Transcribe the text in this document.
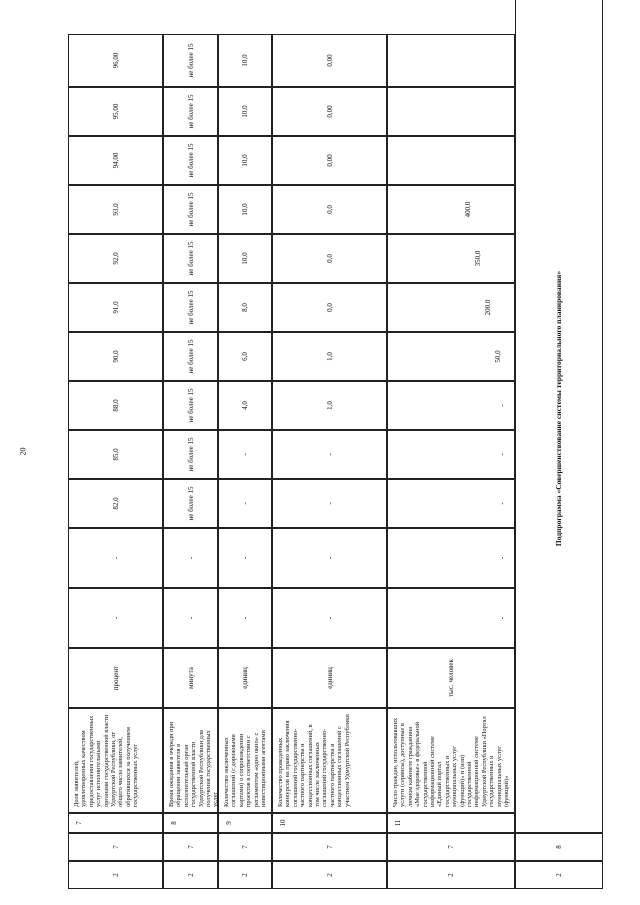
20
2
7
7
Доля заявителей, удовлетворенных качеством предоставления государственных услуг исполнительными органами государственной власти Удмуртской Республики, от общего числа заявителей, обратившихся за получением государственных услуг
процент
-
-
82,0
85,0
88,0
90,0
91,0
92,0
93,0
94,00
95,00
96,00
2
7
8
Время ожидания в очереди при обращении заявителя в исполнительный орган государственной власти Удмуртской Республики для получения государственных услуг
минута
-
-
не более 15
не более 15
не более 15
не более 15
не более 15
не более 15
не более 15
не более 15
не более 15
не более 15
2
7
9
Количество заключенных соглашений (с дорожными картами) о сопровождении проектов в соответствии с регламентом «одно окно» с инвестиционными агентами
единиц
-
-
-
-
4,0
6,0
8,0
10,0
10,0
10,0
10,0
10,0
2
7
10
Количество проведенных конкурсов на право заключения соглашений государственно-частного партнерства и концессионных соглашений, в том числе заключенных соглашений государственно-частного партнерства и концессионных соглашений с участием Удмуртской Республики
единиц
-
-
-
-
1,0
1,0
0,0
0,0
0,0
0,00
0,00
0,00
2
7
11
Число граждан, использовавших услуги (сервисы), доступные в личном кабинете гражданина «Мое здоровье» в федеральной государственной информационной системе «Единый портал государственных и муниципальных услуг (функций)» и (или) государственной информационной системе Удмуртской Республики «Портал государственных и муниципальных услуг (функций)»
тыс. человек
-
-
-
-
-
50,0
200,0
350,0
400,0
2
8
Подпрограмма «Совершенствование системы территориального планирования»
